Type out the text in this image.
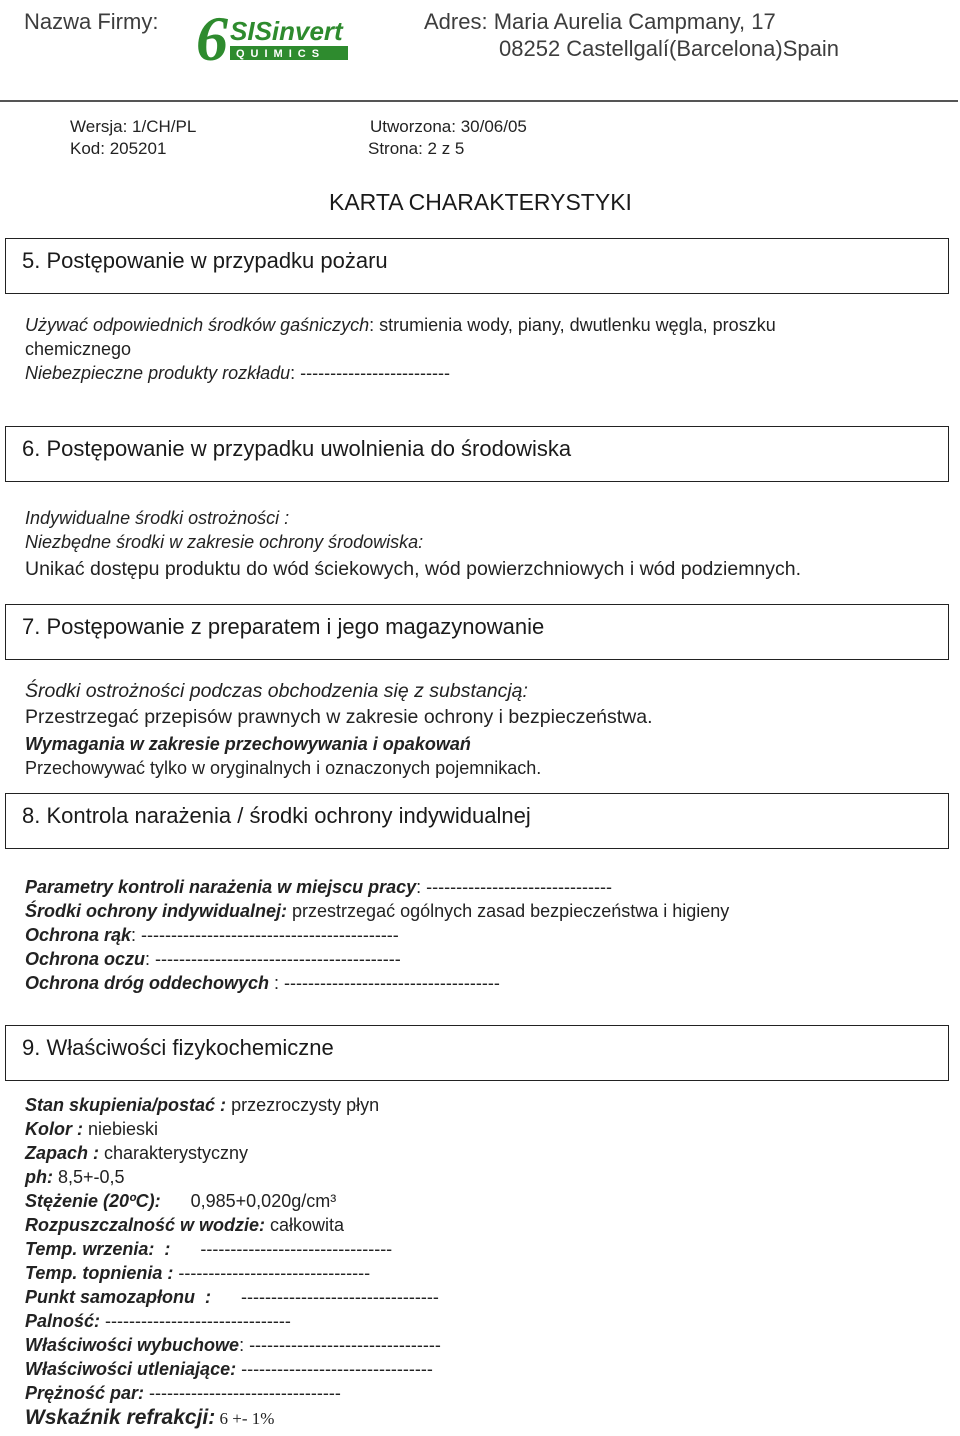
Nazwa Firmy: 6 SISinvert
QUIMICS
Adres: Maria Aurelia Campmany, 17
08252 Castellgalí(Barcelona)Spain
Wersja: 1/CH/PL	Utworzona: 30/06/05
Kod: 205201	Strona: 2 z 5
KARTA CHARAKTERYSTYKI
5. Postępowanie w przypadku pożaru
Używać odpowiednich środków gaśniczych: strumienia wody, piany, dwutlenku węgla, proszku
chemicznego
Niebezpieczne produkty rozkładu: -------------------------
6. Postępowanie w przypadku uwolnienia do środowiska
Indywidualne środki ostrożności :
Niezbędne środki w zakresie ochrony środowiska:
Unikać dostępu produktu do wód ściekowych, wód powierzchniowych i wód podziemnych.
7. Postępowanie z preparatem i jego magazynowanie
Środki ostrożności podczas obchodzenia się z substancją:
Przestrzegać przepisów prawnych w zakresie ochrony i bezpieczeństwa.
Wymagania w zakresie przechowywania i opakowań
Przechowywać tylko w oryginalnych i oznaczonych pojemnikach.
8. Kontrola narażenia / środki ochrony indywidualnej
Parametry kontroli narażenia w miejscu pracy: -------------------------------
Środki ochrony indywidualnej: przestrzegać ogólnych zasad bezpieczeństwa i higieny
Ochrona rąk: -------------------------------------------
Ochrona oczu: -----------------------------------------
Ochrona dróg oddechowych : ------------------------------------
9. Właściwości fizykochemiczne
Stan skupienia/postać : przezroczysty płyn
Kolor : niebieski
Zapach : charakterystyczny
ph: 8,5+-0,5
Stężenie (20ºC):      0,985+0,020g/cm³
Rozpuszczalność w wodzie: całkowita
Temp. wrzenia:  :      --------------------------------
Temp. topnienia : --------------------------------
Punkt samozapłonu  :      ---------------------------------
Palność: -------------------------------
Właściwości wybuchowe: --------------------------------
Właściwości utleniające: --------------------------------
Prężność par: --------------------------------
Wskaźnik refrakcji: 6 +- 1%
